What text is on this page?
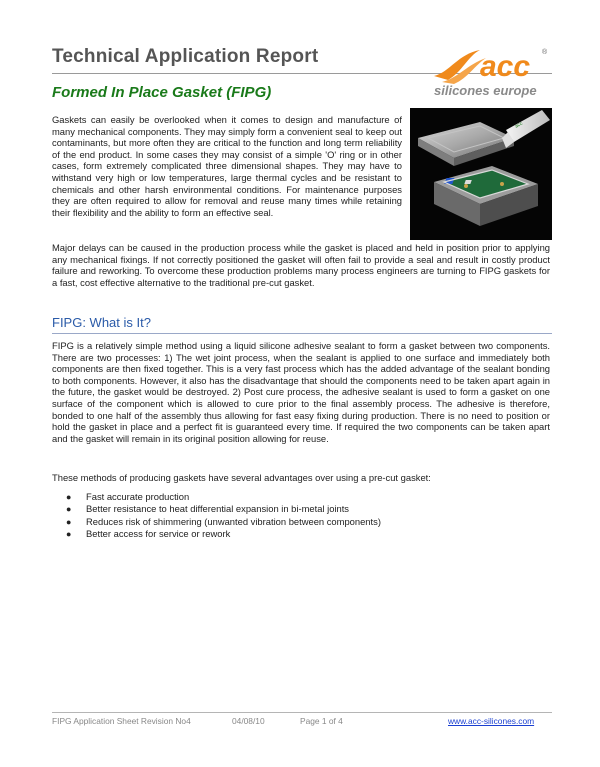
Technical Application Report
Formed In Place Gasket (FIPG)
acc ®
silicones europe
acc

Gaskets can easily be overlooked when it comes to design and manufacture of many mechanical components. They may simply form a convenient seal to keep out contaminants, but more often they are critical to the function and long term reliability of the end product. In some cases they may consist of a simple 'O' ring or in other cases, form extremely complicated three dimensional shapes. They may have to withstand very high or low temperatures, large thermal cycles and be resistant to chemicals and other harsh environmental conditions. For maintenance purposes they are often required to allow for removal and reuse many times while retaining their flexibility and the ability to form an effective seal.

Major delays can be caused in the production process while the gasket is placed and held in position prior to applying any mechanical fixings. If not correctly positioned the gasket will often fail to provide a seal and result in costly product failure and reworking. To overcome these production problems many process engineers are turning to FIPG gaskets for a fast, cost effective alternative to the traditional pre-cut gasket.

FIPG: What is It?

FIPG is a relatively simple method using a liquid silicone adhesive sealant to form a gasket between two components. There are two processes: 1) The wet joint process, when the sealant is applied to one surface and immediately both components are then fixed together. This is a very fast process which has the added advantage of the sealant bonding to both components. However, it also has the disadvantage that should the components need to be taken apart again in the future, the gasket would be destroyed. 2) Post cure process, the adhesive sealant is used to form a gasket on one surface of the component which is allowed to cure prior to the final assembly process. The adhesive is therefore, bonded to one half of the assembly thus allowing for fast easy fixing during production. There is no need to position or hold the gasket in place and a perfect fit is guaranteed every time. If required the two components can be taken apart and the gasket will remain in its original position allowing for reuse.

These methods of producing gaskets have several advantages over using a pre-cut gasket:

● Fast accurate production
● Better resistance to heat differential expansion in bi-metal joints
● Reduces risk of shimmering (unwanted vibration between components)
● Better access for service or rework
FIPG Application Sheet Revision No4	04/08/10	Page 1 of 4	www.acc-silicones.com
